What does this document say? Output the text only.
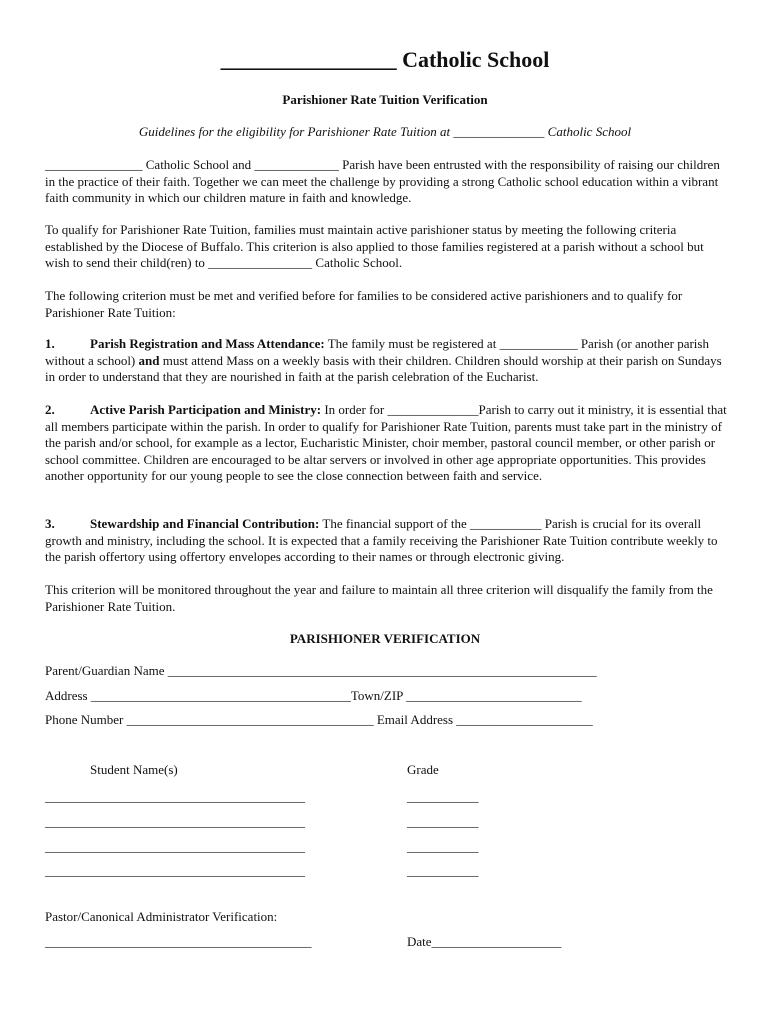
________________ Catholic School
Parishioner Rate Tuition Verification
Guidelines for the eligibility for Parishioner Rate Tuition at ______________ Catholic School

_______________ Catholic School and _____________ Parish have been entrusted with the responsibility of raising our children in the practice of their faith. Together we can meet the challenge by providing a strong Catholic school education within a vibrant faith community in which our children mature in faith and knowledge.

To qualify for Parishioner Rate Tuition, families must maintain active parishioner status by meeting the following criteria established by the Diocese of Buffalo. This criterion is also applied to those families registered at a parish without a school but wish to send their child(ren) to ________________ Catholic School.

The following criterion must be met and verified before for families to be considered active parishioners and to qualify for Parishioner Rate Tuition:

1.	Parish Registration and Mass Attendance: The family must be registered at ____________ Parish (or another parish without a school) and must attend Mass on a weekly basis with their children. Children should worship at their parish on Sundays in order to understand that they are nourished in faith at the parish celebration of the Eucharist.

2.	Active Parish Participation and Ministry: In order for ______________Parish to carry out it ministry, it is essential that all members participate within the parish. In order to qualify for Parishioner Rate Tuition, parents must take part in the ministry of the parish and/or school, for example as a lector, Eucharistic Minister, choir member, pastoral council member, or other parish or school committee. Children are encouraged to be altar servers or involved in other age appropriate opportunities. This provides another opportunity for our young people to see the close connection between faith and service.

3.	Stewardship and Financial Contribution: The financial support of the ___________ Parish is crucial for its overall growth and ministry, including the school. It is expected that a family receiving the Parishioner Rate Tuition contribute weekly to the parish offertory using offertory envelopes according to their names or through electronic giving.

This criterion will be monitored throughout the year and failure to maintain all three criterion will disqualify the family from the Parishioner Rate Tuition.

PARISHIONER VERIFICATION
Parent/Guardian Name __________________________________________________________________
Address ________________________________________Town/ZIP ___________________________
Phone Number ______________________________________ Email Address _____________________
Student Name(s)	Grade
________________________________________	___________
________________________________________	___________
________________________________________	___________
________________________________________	___________
Pastor/Canonical Administrator Verification:
_________________________________________	Date____________________
